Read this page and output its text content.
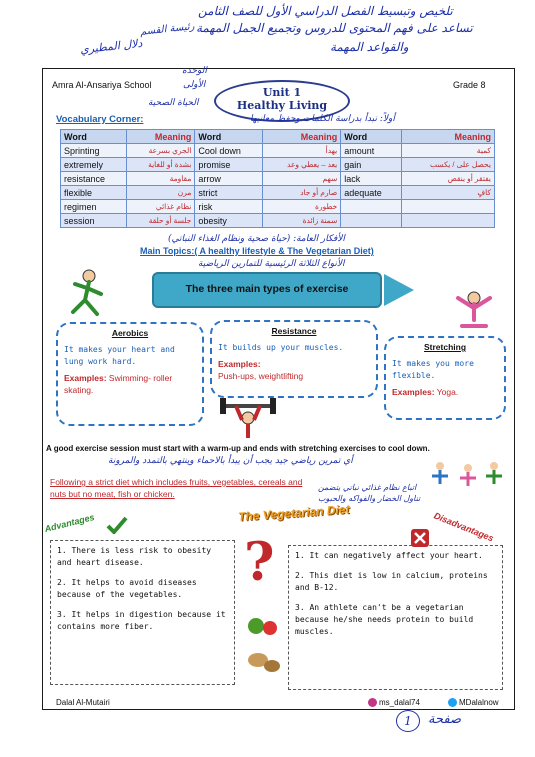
تلخيص وتبسيط الفصل الدراسي الأول للصف الثامن
تساعد على فهم المحتوى للدروس وتجميع الجمل المهمة
والقواعد المهمة
رئيسة القسم
دلال المطيري
Amra Al-Ansariya School	Grade 8
الوحدة
الأولى
الحياة الصحية
Unit 1
Healthy Living
Vocabulary Corner:	أولاً: نبدأ بدراسة الكلمات وحفظ معانيها
Word	Meaning	Word	Meaning	Word	Meaning
Sprinting	الجري بسرعة	Cool down	يهدأ	amount	كمية
extremely	بشدة أو للغاية	promise	يعد – يعطي وعد	gain	يحصل على / يكسب
resistance	مقاومة	arrow	سهم	lack	يفتقر أو ينقص
flexible	مرن	strict	صارم أو جاد	adequate	كافٍ
regimen	نظام غذائي	risk	خطورة		
session	جلسة أو حلقة	obesity	سمنة زائدة		
الأفكار العامة: (حياة صحية ونظام الغذاء النباتي)
Main Topics:( A healthy lifestyle & The Vegetarian Diet)
الأنواع الثلاثة الرئيسية للتمارين الرياضية
The three main types of exercise
Aerobics
It makes your heart and lung work hard.
Examples: Swimming- roller skating.
Resistance
It builds up your muscles.
Examples:
Push-ups, weightlifting
Stretching
It makes you more flexible.
Examples: Yoga.
A good exercise session must start with a warm-up and ends with stretching exercises to cool down.
أي تمرين رياضي جيد يجب أن يبدأ بالاحماء وينتهي بالتمدد والمرونة
Following a strict diet which includes fruits, vegetables, cereals and nuts but no meat, fish or chicken.
اتباع نظام غذائي نباتي يتضمن تناول الخضار والفواكه والحبوب
The Vegetarian Diet
Advantages	Disadvantages
?
1. There is less risk to obesity and heart disease.
2. It helps to avoid diseases because of the vegetables.
3. It helps in digestion because it contains more fiber.
1. It can negatively affect your heart.
2. This diet is low in calcium, proteins and B-12.
3. An athlete can't be a vegetarian because he/she needs protein to build muscles.
Dalal Al-Mutairi	ms_dalal74	MDalalnow
صفحة
1
